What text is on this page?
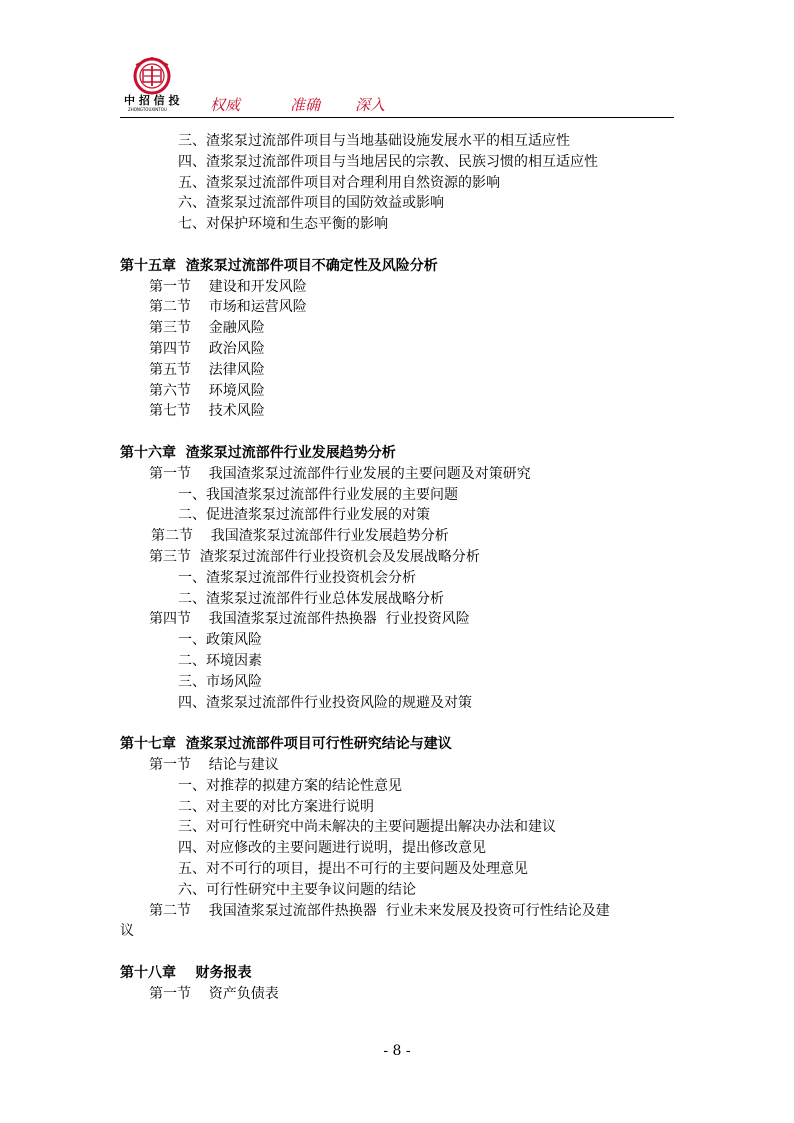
中 招 信 投
ZHONGTOUXINTOU	权威	准确 深入
三、渣浆泵过流部件项目与当地基础设施发展水平的相互适应性
四、渣浆泵过流部件项目与当地居民的宗教、民族习惯的相互适应性
五、渣浆泵过流部件项目对合理利用自然资源的影响
六、渣浆泵过流部件项目的国防效益或影响
七、对保护环境和生态平衡的影响
第十五章  渣浆泵过流部件项目不确定性及风险分析
第一节    建设和开发风险
第二节    市场和运营风险
第三节    金融风险
第四节    政治风险
第五节    法律风险
第六节    环境风险
第七节    技术风险
第十六章  渣浆泵过流部件行业发展趋势分析
第一节    我国渣浆泵过流部件行业发展的主要问题及对策研究
一、我国渣浆泵过流部件行业发展的主要问题
二、促进渣浆泵过流部件行业发展的对策
第二节    我国渣浆泵过流部件行业发展趋势分析
第三节  渣浆泵过流部件行业投资机会及发展战略分析
一、渣浆泵过流部件行业投资机会分析
二、渣浆泵过流部件行业总体发展战略分析
第四节    我国渣浆泵过流部件热换器  行业投资风险
一、政策风险
二、环境因素
三、市场风险
四、渣浆泵过流部件行业投资风险的规避及对策
第十七章  渣浆泵过流部件项目可行性研究结论与建议
第一节    结论与建议
一、对推荐的拟建方案的结论性意见
二、对主要的对比方案进行说明
三、对可行性研究中尚未解决的主要问题提出解决办法和建议
四、对应修改的主要问题进行说明，提出修改意见
五、对不可行的项目，提出不可行的主要问题及处理意见
六、可行性研究中主要争议问题的结论
第二节    我国渣浆泵过流部件热换器  行业未来发展及投资可行性结论及建
议
第十八章    财务报表
第一节    资产负债表
- 8 -
